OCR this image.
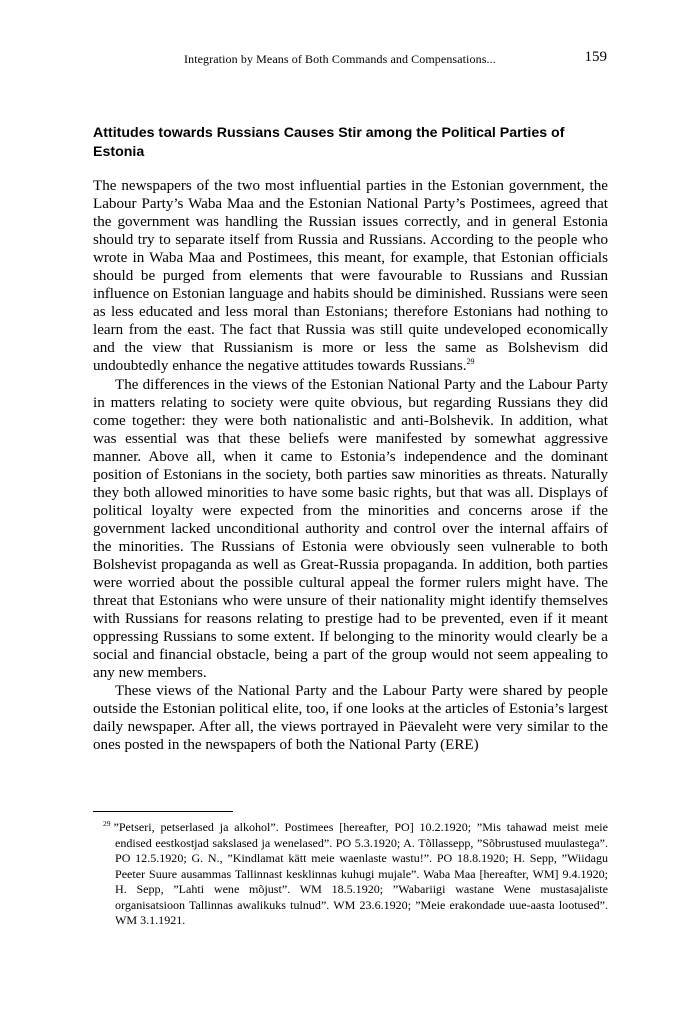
Integration by Means of Both Commands and Compensations...	159
Attitudes towards Russians Causes Stir among the Political Parties of Estonia

The newspapers of the two most influential parties in the Estonian government, the Labour Party’s Waba Maa and the Estonian National Party’s Postimees, agreed that the government was handling the Russian issues correctly, and in general Estonia should try to separate itself from Russia and Russians. According to the people who wrote in Waba Maa and Postimees, this meant, for example, that Estonian officials should be purged from elements that were favourable to Russians and Russian influence on Estonian language and habits should be diminished. Russians were seen as less educated and less moral than Estonians; therefore Estonians had nothing to learn from the east. The fact that Russia was still quite undeveloped economically and the view that Russianism is more or less the same as Bolshevism did undoubtedly enhance the negative attitudes towards Russians.$^{29}$

The differences in the views of the Estonian National Party and the Labour Party in matters relating to society were quite obvious, but regarding Russians they did come together: they were both nationalistic and anti-Bolshevik. In addition, what was essential was that these beliefs were manifested by somewhat aggressive manner. Above all, when it came to Estonia’s independence and the dominant position of Estonians in the society, both parties saw minorities as threats. Naturally they both allowed minorities to have some basic rights, but that was all. Displays of political loyalty were expected from the minorities and concerns arose if the government lacked unconditional authority and control over the internal affairs of the minorities. The Russians of Estonia were obviously seen vulnerable to both Bolshevist propaganda as well as Great-Russia propaganda. In addition, both parties were worried about the possible cultural appeal the former rulers might have. The threat that Estonians who were unsure of their nationality might identify themselves with Russians for reasons relating to prestige had to be prevented, even if it meant oppressing Russians to some extent. If belonging to the minority would clearly be a social and financial obstacle, being a part of the group would not seem appealing to any new members.

These views of the National Party and the Labour Party were shared by people outside the Estonian political elite, too, if one looks at the articles of Estonia’s largest daily newspaper. After all, the views portrayed in Päevaleht were very similar to the ones posted in the newspapers of both the National Party (ERE)

$^{29}$ ”Petseri, petserlased ja alkohol”. Postimees [hereafter, PO] 10.2.1920; ”Mis tahawad meist meie endised eestkostjad sakslased ja wenelased”. PO 5.3.1920; A. Tõllassepp, ”Sõbrustused muulastega”. PO 12.5.1920; G. N., ”Kindlamat kätt meie waenlaste wastu!”. PO 18.8.1920; H. Sepp, ”Wiidagu Peeter Suure ausammas Tallinnast kesklinnas kuhugi mujale”. Waba Maa [hereafter, WM] 9.4.1920; H. Sepp, ”Lahti wene mõjust”. WM 18.5.1920; ”Wabariigi wastane Wene mustasajaliste organisatsioon Tallinnas awalikuks tulnud”. WM 23.6.1920; ”Meie erakondade uue-aasta lootused”. WM 3.1.1921.
